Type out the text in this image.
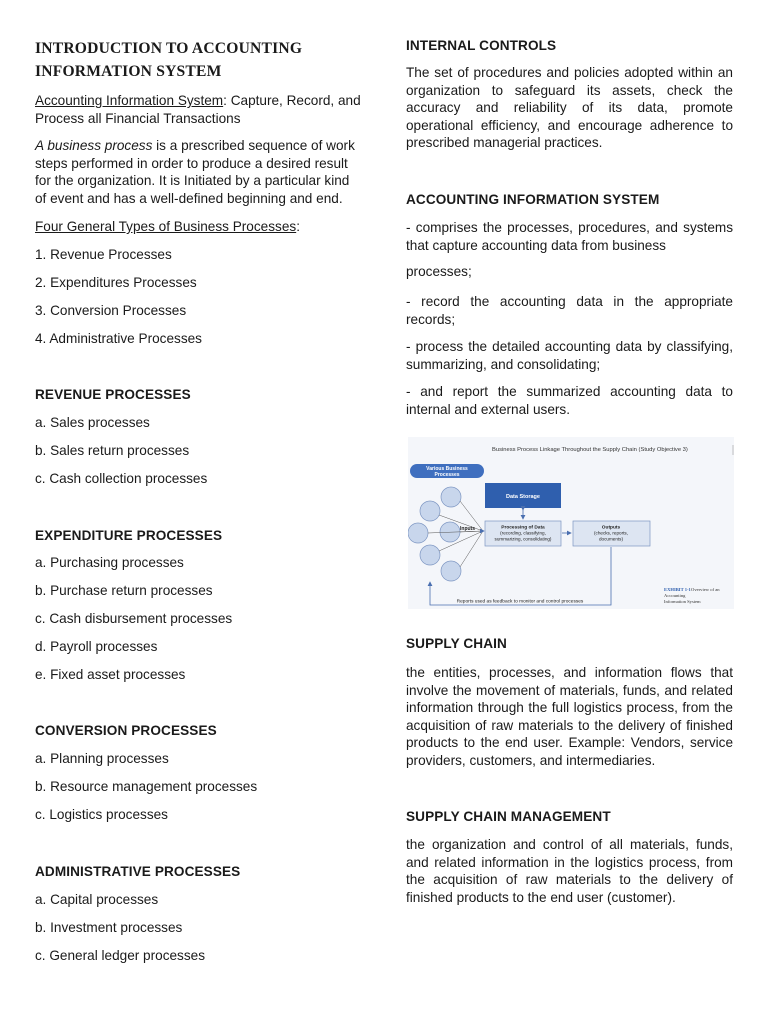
INTRODUCTION TO ACCOUNTING
INFORMATION SYSTEM
Accounting Information System: Capture, Record, and Process all Financial Transactions
A business process is a prescribed sequence of work steps performed in order to produce a desired result for the organization. It is Initiated by a particular kind of event and has a well-defined beginning and end.
Four General Types of Business Processes:
1. Revenue Processes
2. Expenditures Processes
3. Conversion Processes
4. Administrative Processes
REVENUE PROCESSES
a. Sales processes
b. Sales return processes
c. Cash collection processes
EXPENDITURE PROCESSES
a. Purchasing processes
b. Purchase return processes
c. Cash disbursement processes
d. Payroll processes
e. Fixed asset processes
CONVERSION PROCESSES
a. Planning processes
b. Resource management processes
c. Logistics processes
ADMINISTRATIVE PROCESSES
a. Capital processes
b. Investment processes
c. General ledger processes
INTERNAL CONTROLS
The set of procedures and policies adopted within an organization to safeguard its assets, check the accuracy and reliability of its data, promote operational efficiency, and encourage adherence to prescribed managerial practices.
ACCOUNTING INFORMATION SYSTEM
- comprises the processes, procedures, and systems that capture accounting data from business
processes;
- record the accounting data in the appropriate records;
- process the detailed accounting data by classifying, summarizing, and consolidating;
- and report the summarized accounting data to internal and external users.
SUPPLY CHAIN
the entities, processes, and information flows that involve the movement of materials, funds, and related information through the full logistics process, from the acquisition of raw materials to the delivery of finished products to the end user. Example: Vendors, service providers, customers, and intermediaries.
SUPPLY CHAIN MANAGEMENT
the organization and control of all materials, funds, and related information in the logistics process, from the acquisition of raw materials to the delivery of finished products to the end user (customer).
Business Process Linkage Throughout the Supply Chain (Study Objective 3)
Various Business
Processes
Inputs
Data Storage
Processing of Data
(recording, classifying,
summarizing, consolidating)
Outputs
(checks, reports,
documents)
Reports used as feedback to monitor and control processes
EXHIBIT 1-1 Overview of an
Accounting
Information System
